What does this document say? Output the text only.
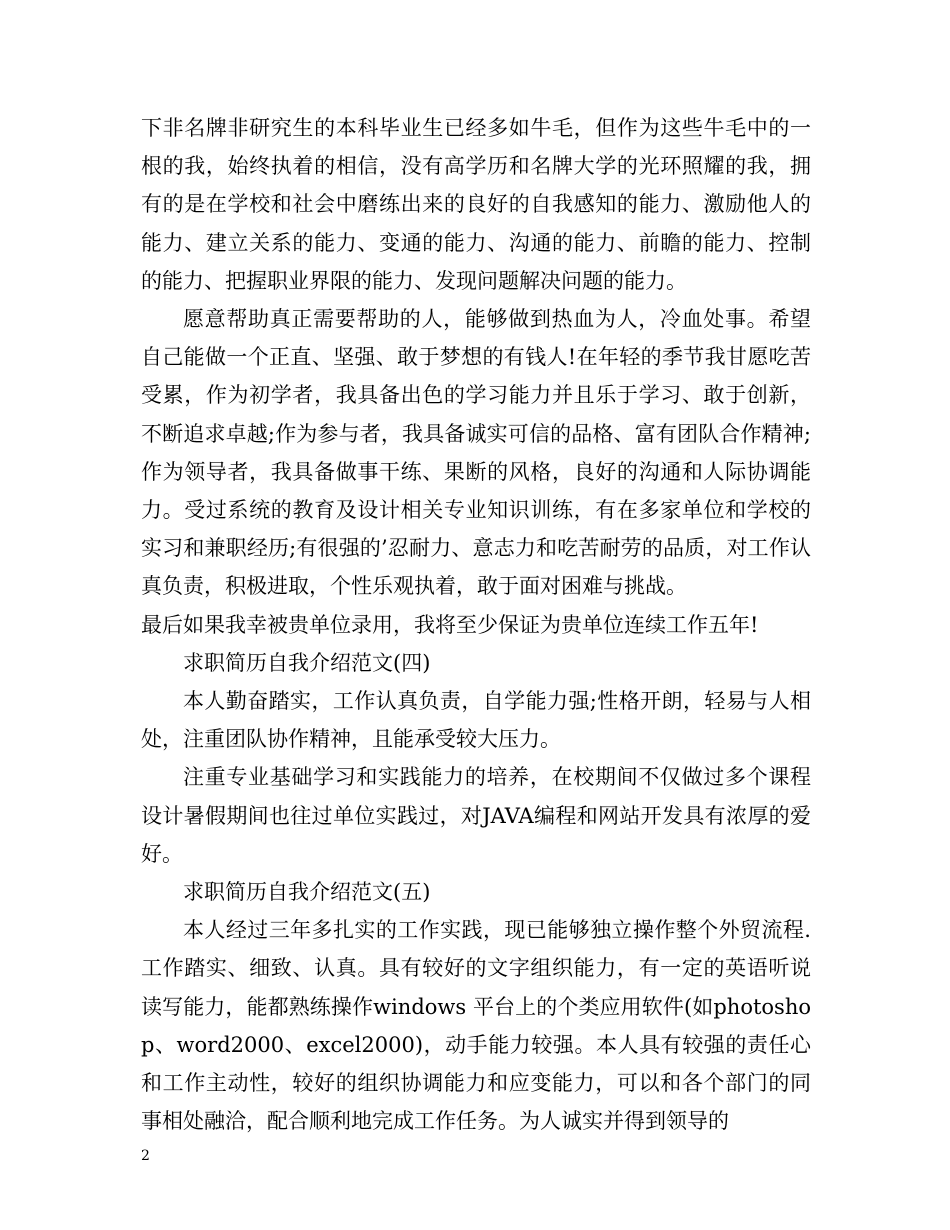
下非名牌非研究生的本科毕业生已经多如牛毛，但作为这些牛毛中的一根的我，始终执着的相信，没有高学历和名牌大学的光环照耀的我，拥有的是在学校和社会中磨练出来的良好的自我感知的能力、激励他人的能力、建立关系的能力、变通的能力、沟通的能力、前瞻的能力、控制的能力、把握职业界限的能力、发现问题解决问题的能力。

愿意帮助真正需要帮助的人，能够做到热血为人，冷血处事。希望自己能做一个正直、坚强、敢于梦想的有钱人!在年轻的季节我甘愿吃苦受累，作为初学者，我具备出色的学习能力并且乐于学习、敢于创新，不断追求卓越;作为参与者，我具备诚实可信的品格、富有团队合作精神;作为领导者，我具备做事干练、果断的风格，良好的沟通和人际协调能力。受过系统的教育及设计相关专业知识训练，有在多家单位和学校的实习和兼职经历;有很强的’忍耐力、意志力和吃苦耐劳的品质，对工作认真负责，积极进取，个性乐观执着，敢于面对困难与挑战。

最后如果我幸被贵单位录用，我将至少保证为贵单位连续工作五年!

求职简历自我介绍范文(四)

本人勤奋踏实，工作认真负责，自学能力强;性格开朗，轻易与人相处，注重团队协作精神，且能承受较大压力。

注重专业基础学习和实践能力的培养，在校期间不仅做过多个课程设计暑假期间也往过单位实践过，对JAVA编程和网站开发具有浓厚的爱好。

求职简历自我介绍范文(五)

本人经过三年多扎实的工作实践，现已能够独立操作整个外贸流程.工作踏实、细致、认真。具有较好的文字组织能力，有一定的英语听说读写能力，能都熟练操作windows 平台上的个类应用软件(如photoshop、word2000、excel2000)，动手能力较强。本人具有较强的责任心和工作主动性，较好的组织协调能力和应变能力，可以和各个部门的同事相处融洽，配合顺利地完成工作任务。为人诚实并得到领导的

2
